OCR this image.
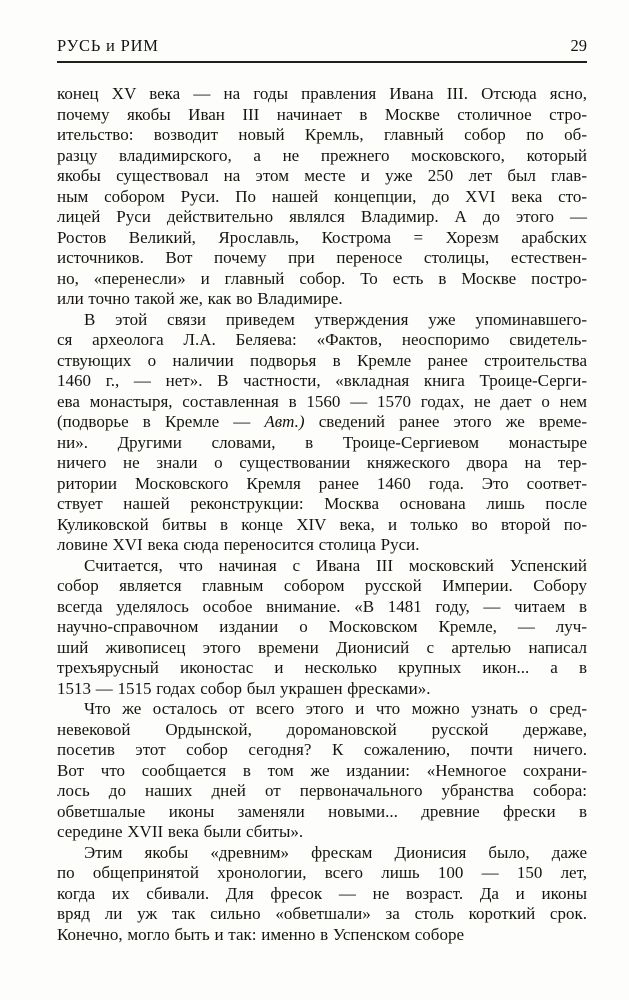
РУСЬ и РИМ	29
конец XV века — на годы правления Ивана III. Отсюда ясно,
почему якобы Иван III начинает в Москве столичное стро-
ительство: возводит новый Кремль, главный собор по об-
разцу владимирского, а не прежнего московского, который
якобы существовал на этом месте и уже 250 лет был глав-
ным собором Руси. По нашей концепции, до XVI века сто-
лицей Руси действительно являлся Владимир. А до этого —
Ростов Великий, Ярославль, Кострома = Хорезм арабских
источников. Вот почему при переносе столицы, естествен-
но, «перенесли» и главный собор. То есть в Москве постро-
или точно такой же, как во Владимире.
В этой связи приведем утверждения уже упоминавшего-
ся археолога Л.А. Беляева: «Фактов, неоспоримо свидетель-
ствующих о наличии подворья в Кремле ранее строительства
1460 г., — нет». В частности, «вкладная книга Троице-Серги-
ева монастыря, составленная в 1560 — 1570 годах, не дает о нем
(подворье в Кремле — Авт.) сведений ранее этого же време-
ни». Другими словами, в Троице-Сергиевом монастыре
ничего не знали о существовании княжеского двора на тер-
ритории Московского Кремля ранее 1460 года. Это соответ-
ствует нашей реконструкции: Москва основана лишь после
Куликовской битвы в конце XIV века, и только во второй по-
ловине XVI века сюда переносится столица Руси.
Считается, что начиная с Ивана III московский Успенский
собор является главным собором русской Империи. Собору
всегда уделялось особое внимание. «В 1481 году, — читаем в
научно-справочном издании о Московском Кремле, — луч-
ший живописец этого времени Дионисий с артелью написал
трехъярусный иконостас и несколько крупных икон... а в
1513 — 1515 годах собор был украшен фресками».
Что же осталось от всего этого и что можно узнать о сред-
невековой Ордынской, доромановской русской державе,
посетив этот собор сегодня? К сожалению, почти ничего.
Вот что сообщается в том же издании: «Немногое сохрани-
лось до наших дней от первоначального убранства собора:
обветшалые иконы заменяли новыми... древние фрески в
середине XVII века были сбиты».
Этим якобы «древним» фрескам Дионисия было, даже
по общепринятой хронологии, всего лишь 100 — 150 лет,
когда их сбивали. Для фресок — не возраст. Да и иконы
вряд ли уж так сильно «обветшали» за столь короткий срок.
Конечно, могло быть и так: именно в Успенском соборе
